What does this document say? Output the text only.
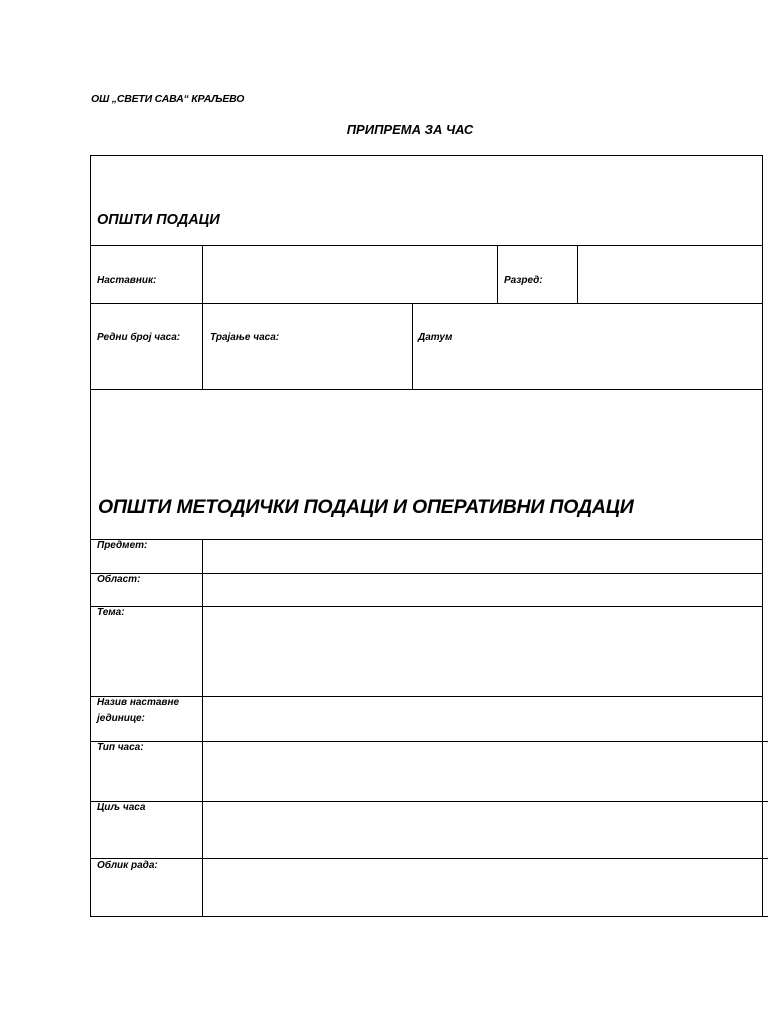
ОШ „СВЕТИ САВА“ КРАЉЕВО
ПРИПРЕМА ЗА ЧАС
ОПШТИ ПОДАЦИ
Наставник:	Разред:
Редни број часа:	Трајање часа:	Датум
ОПШТИ МЕТОДИЧКИ ПОДАЦИ И ОПЕРАТИВНИ ПОДАЦИ
Предмет:
Област:
Тема:
Назив наставне јединице:
Тип часа:
Циљ часа
Облик рада:
